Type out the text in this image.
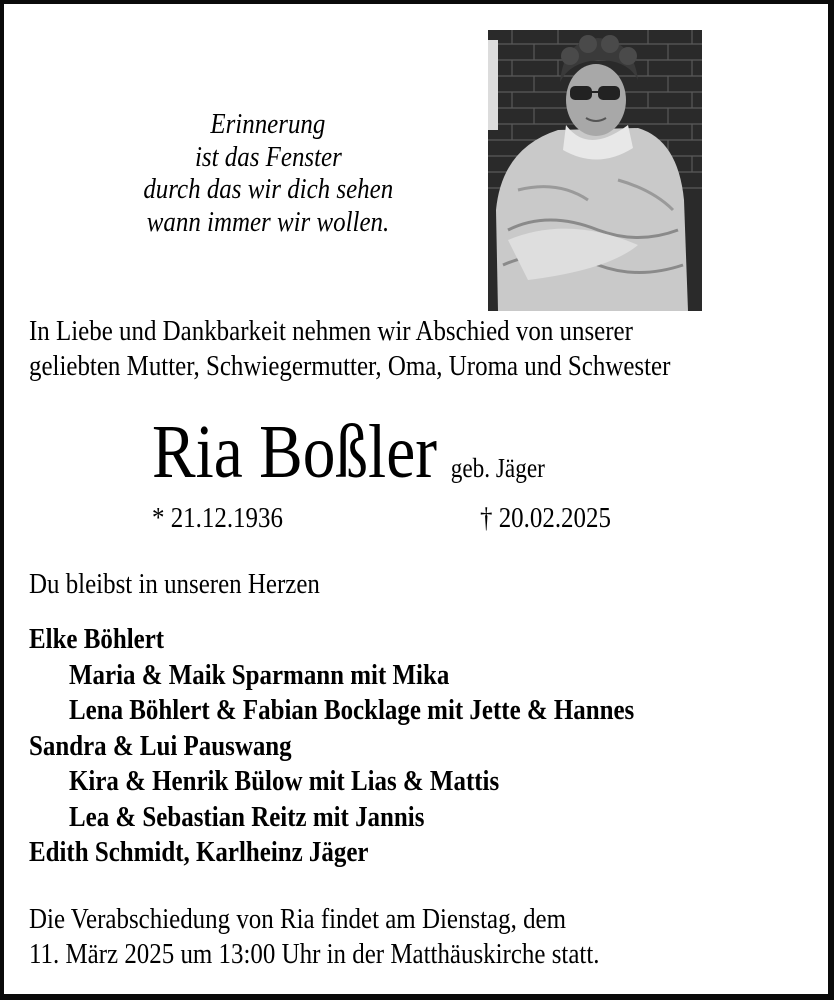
Erinnerung
ist das Fenster
durch das wir dich sehen
wann immer wir wollen.
In Liebe und Dankbarkeit nehmen wir Abschied von unserer
geliebten Mutter, Schwiegermutter, Oma, Uroma und Schwester
Ria Boßler geb. Jäger
* 21.12.1936	† 20.02.2025
Du bleibst in unseren Herzen
Elke Böhlert
Maria & Maik Sparmann mit Mika
Lena Böhlert & Fabian Bocklage mit Jette & Hannes
Sandra & Lui Pauswang
Kira & Henrik Bülow mit Lias & Mattis
Lea & Sebastian Reitz mit Jannis
Edith Schmidt, Karlheinz Jäger
Die Verabschiedung von Ria findet am Dienstag, dem
11. März 2025 um 13:00 Uhr in der Matthäuskirche statt.
